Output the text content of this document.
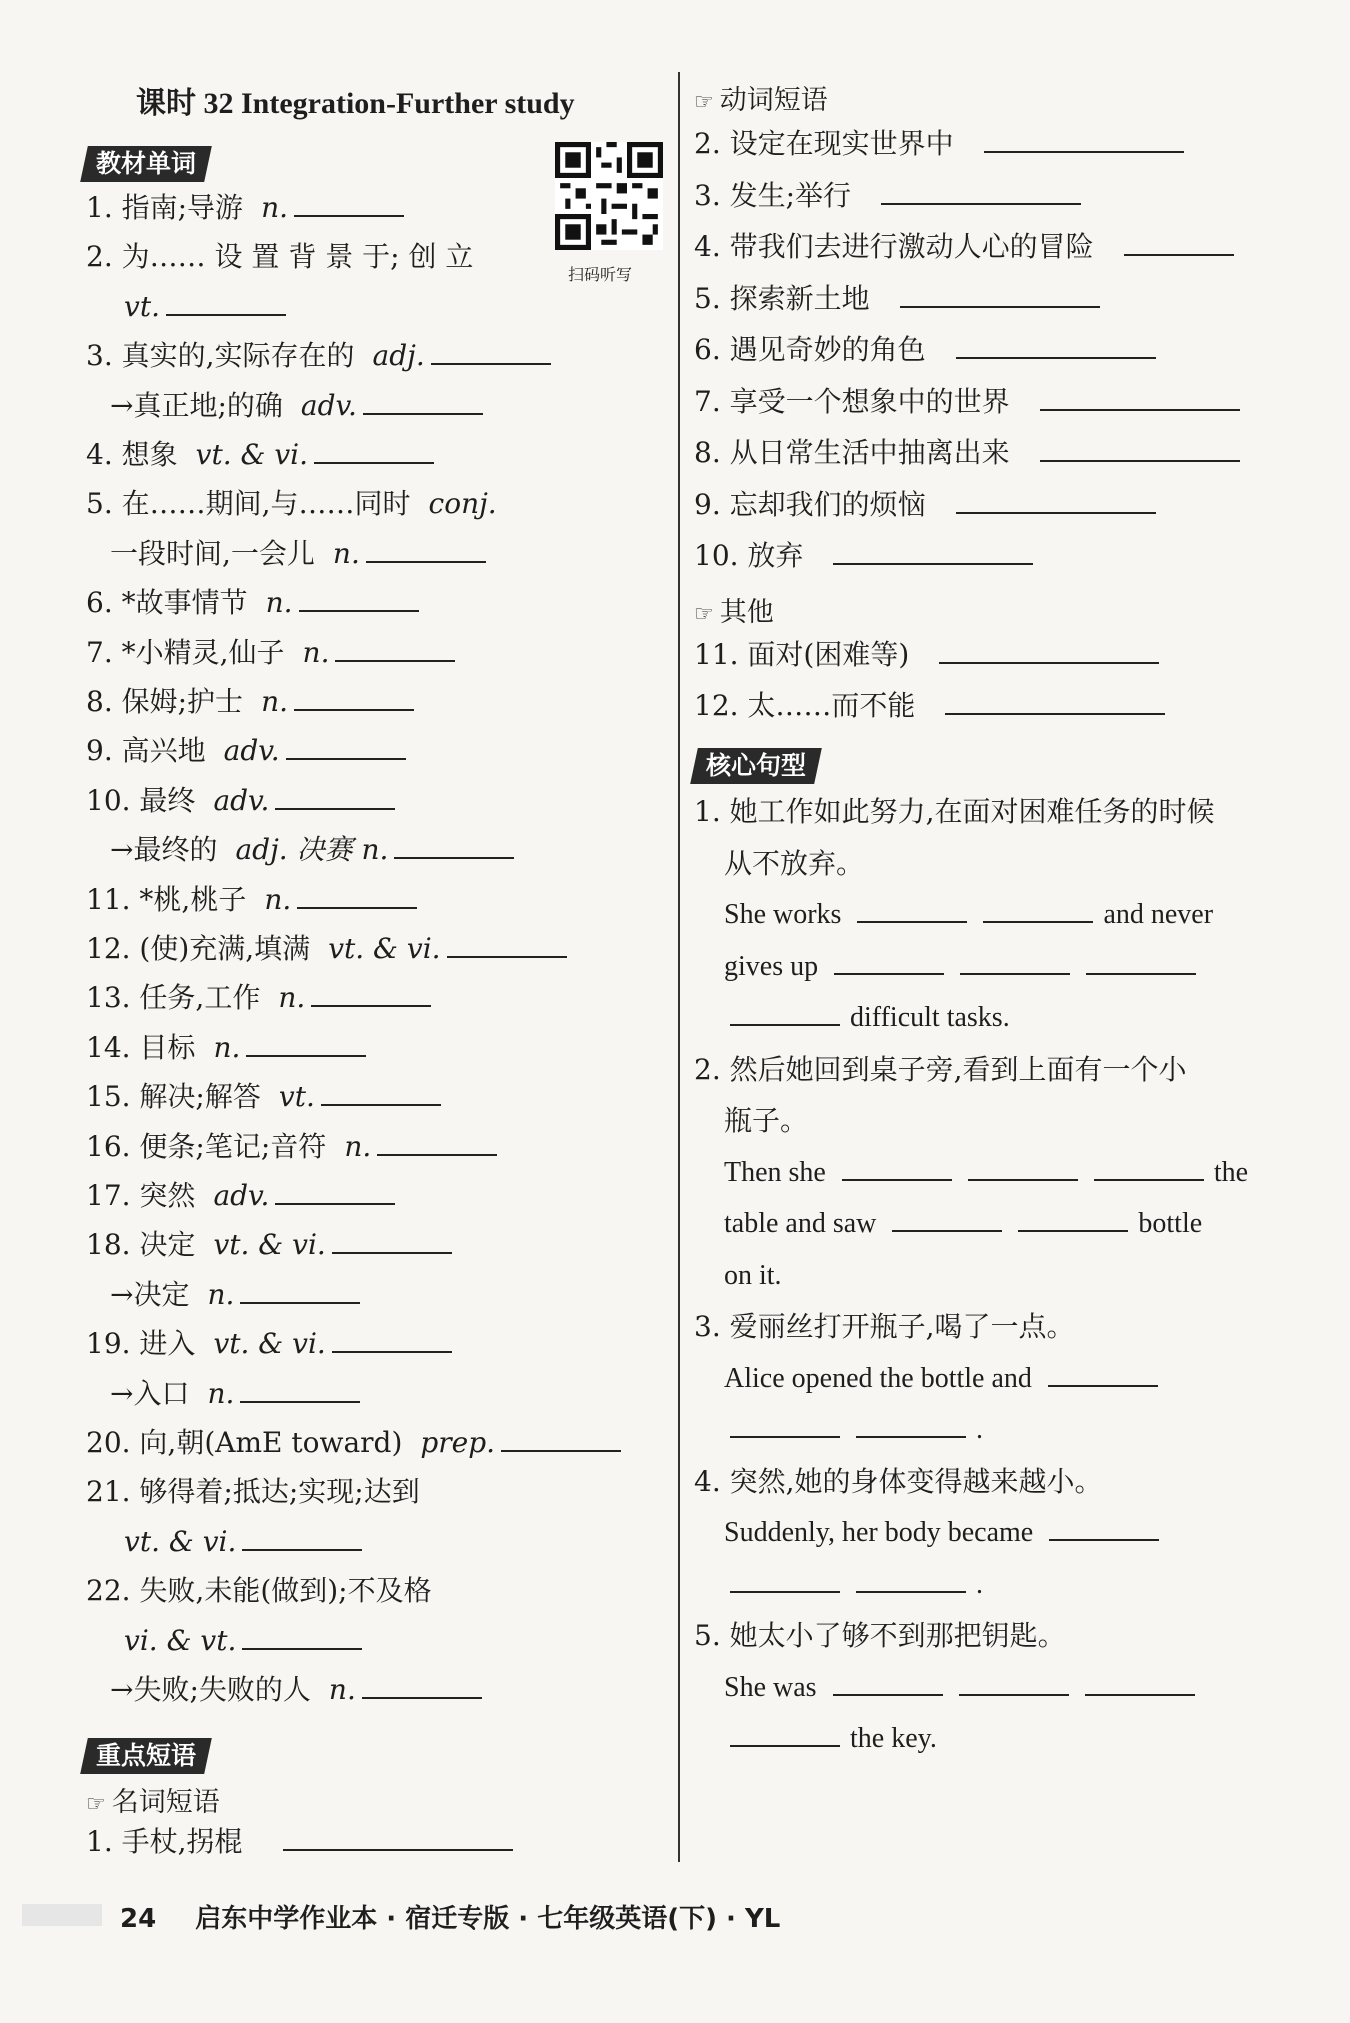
课时 32 Integration-Further study
扫码听写
24 启东中学作业本 · 宿迁专版 · 七年级英语(下) · YL
教材单词
1. 指南;导游 n.
2. 为…… 设 置 背 景 于; 创 立
vt.
3. 真实的,实际存在的 adj.
→真正地;的确 adv.
4. 想象 vt. & vi.
5. 在……期间,与……同时 conj.
一段时间,一会儿 n.
6. *故事情节 n.
7. *小精灵,仙子 n.
8. 保姆;护士 n.
9. 高兴地 adv.
10. 最终 adv.
→最终的 adj. 决赛 n.
11. *桃,桃子 n.
12. (使)充满,填满 vt. & vi.
13. 任务,工作 n.
14. 目标 n.
15. 解决;解答 vt.
16. 便条;笔记;音符 n.
17. 突然 adv.
18. 决定 vt. & vi.
→决定 n.
19. 进入 vt. & vi.
→入口 n.
20. 向,朝(AmE toward) prep.
21. 够得着;抵达;实现;达到
vt. & vi.
22. 失败,未能(做到);不及格
vi. & vt.
→失败;失败的人 n.
重点短语
☞ 名词短语
1. 手杖,拐棍
☞ 动词短语
2. 设定在现实世界中
3. 发生;举行
4. 带我们去进行激动人心的冒险
5. 探索新土地
6. 遇见奇妙的角色
7. 享受一个想象中的世界
8. 从日常生活中抽离出来
9. 忘却我们的烦恼
10. 放弃
☞ 其他
11. 面对(困难等)
12. 太……而不能
核心句型
1. 她工作如此努力,在面对困难任务的时候
从不放弃。
She works	and never
gives up
difficult tasks.
2. 然后她回到桌子旁,看到上面有一个小
瓶子。
Then she	the
table and saw	bottle
on it.
3. 爱丽丝打开瓶子,喝了一点。
Alice opened the bottle and
.
4. 突然,她的身体变得越来越小。
Suddenly, her body became
.
5. 她太小了够不到那把钥匙。
She was
the key.
